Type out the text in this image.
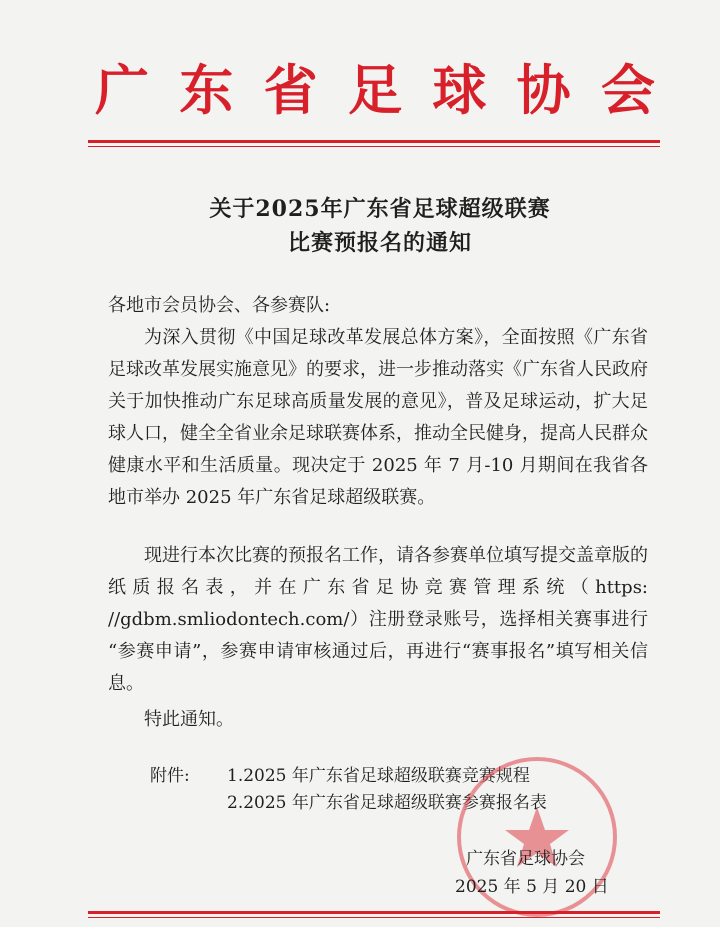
广 东 省 足 球 协 会
关于2025年广东省足球超级联赛
比赛预报名的通知
各地市会员协会、各参赛队:
为深入贯彻《中国足球改革发展总体方案》，全面按照《广东省足球改革发展实施意见》的要求，进一步推动落实《广东省人民政府关于加快推动广东足球高质量发展的意见》，普及足球运动，扩大足球人口，健全全省业余足球联赛体系，推动全民健身，提高人民群众健康水平和生活质量。现决定于 2025 年 7 月-10 月期间在我省各地市举办 2025 年广东省足球超级联赛。
现进行本次比赛的预报名工作，请各参赛单位填写提交盖章版的纸质报名表，并在广东省足协竞赛管理系统（https: //gdbm.smliodontech.com/）注册登录账号，选择相关赛事进行 “参赛申请”，参赛申请审核通过后，再进行“赛事报名”填写相关信息。
特此通知。
附件: 1.2025 年广东省足球超级联赛竞赛规程
2.2025 年广东省足球超级联赛参赛报名表
广东省足球协会
2025 年 5 月 20 日
